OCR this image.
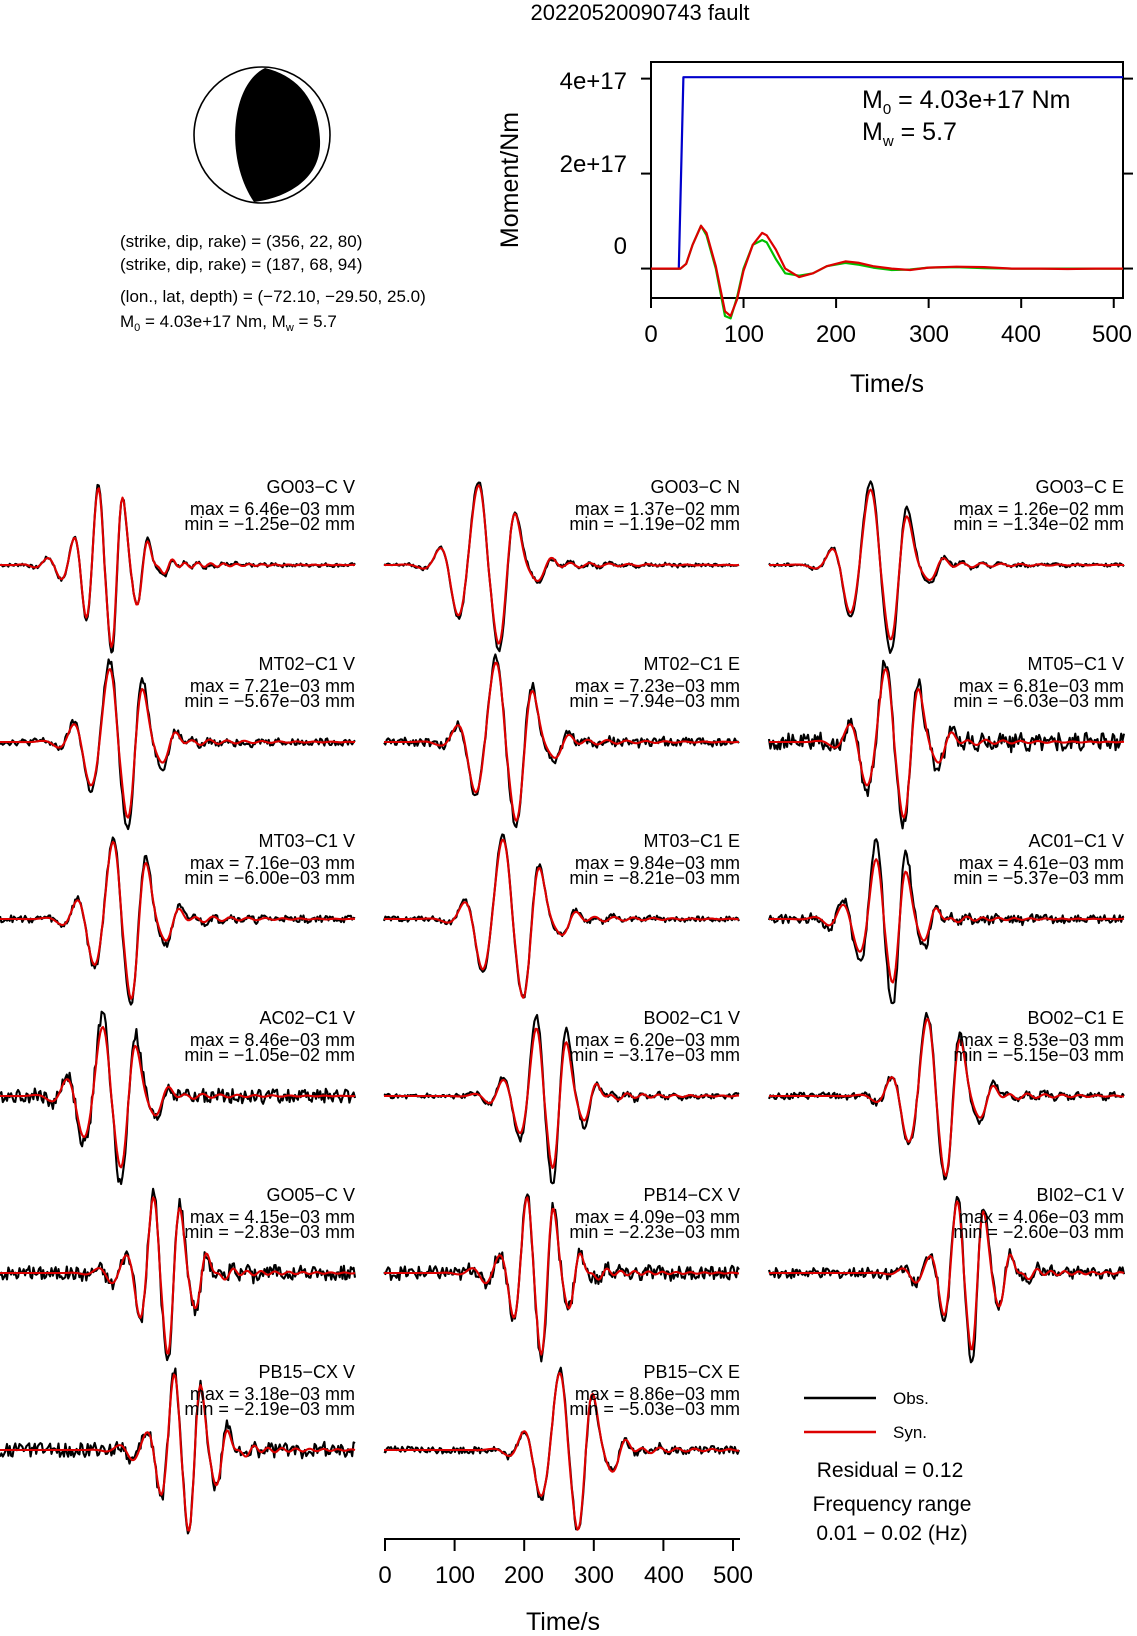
20220520090743 fault
(strike, dip, rake) = (356, 22, 80)
(strike, dip, rake) = (187, 68, 94)
(lon., lat, depth) = (−72.10, −29.50, 25.0)
$M_0 = 4.03e+17$ Nm, $M_w = 5.7$
4e+17
2e+17
0
0	100 200 300 400 500
Time/s
Moment/Nm
$M_0 = 4.03e+17$ Nm
$M_w = 5.7$
GO03−C V
max = 6.46e−03 mm
min = −1.25e−02 mm
GO03−C N
max = 1.37e−02 mm
min = −1.19e−02 mm
GO03−C E
max = 1.26e−02 mm
min = −1.34e−02 mm
MT02−C1 V
max = 7.21e−03 mm
min = −5.67e−03 mm
MT02−C1 E
max = 7.23e−03 mm
min = −7.94e−03 mm
MT05−C1 V
max = 6.81e−03 mm
min = −6.03e−03 mm
MT03−C1 V
max = 7.16e−03 mm
min = −6.00e−03 mm
MT03−C1 E
max = 9.84e−03 mm
min = −8.21e−03 mm
AC01−C1 V
max = 4.61e−03 mm
min = −5.37e−03 mm
AC02−C1 V
max = 8.46e−03 mm
min = −1.05e−02 mm
BO02−C1 V
max = 6.20e−03 mm
min = −3.17e−03 mm
BO02−C1 E
max = 8.53e−03 mm
min = −5.15e−03 mm
GO05−C V
max = 4.15e−03 mm
min = −2.83e−03 mm
PB14−CX V
max = 4.09e−03 mm
min = −2.23e−03 mm
BI02−C1 V
max = 4.06e−03 mm
min = −2.60e−03 mm
PB15−CX V
max = 3.18e−03 mm
min = −2.19e−03 mm
PB15−CX E
max = 8.86e−03 mm
min = −5.03e−03 mm
Obs.
Syn.
Residual = 0.12
Frequency range
0.01 − 0.02 (Hz)
0 100 200 300 400 500
Time/s
